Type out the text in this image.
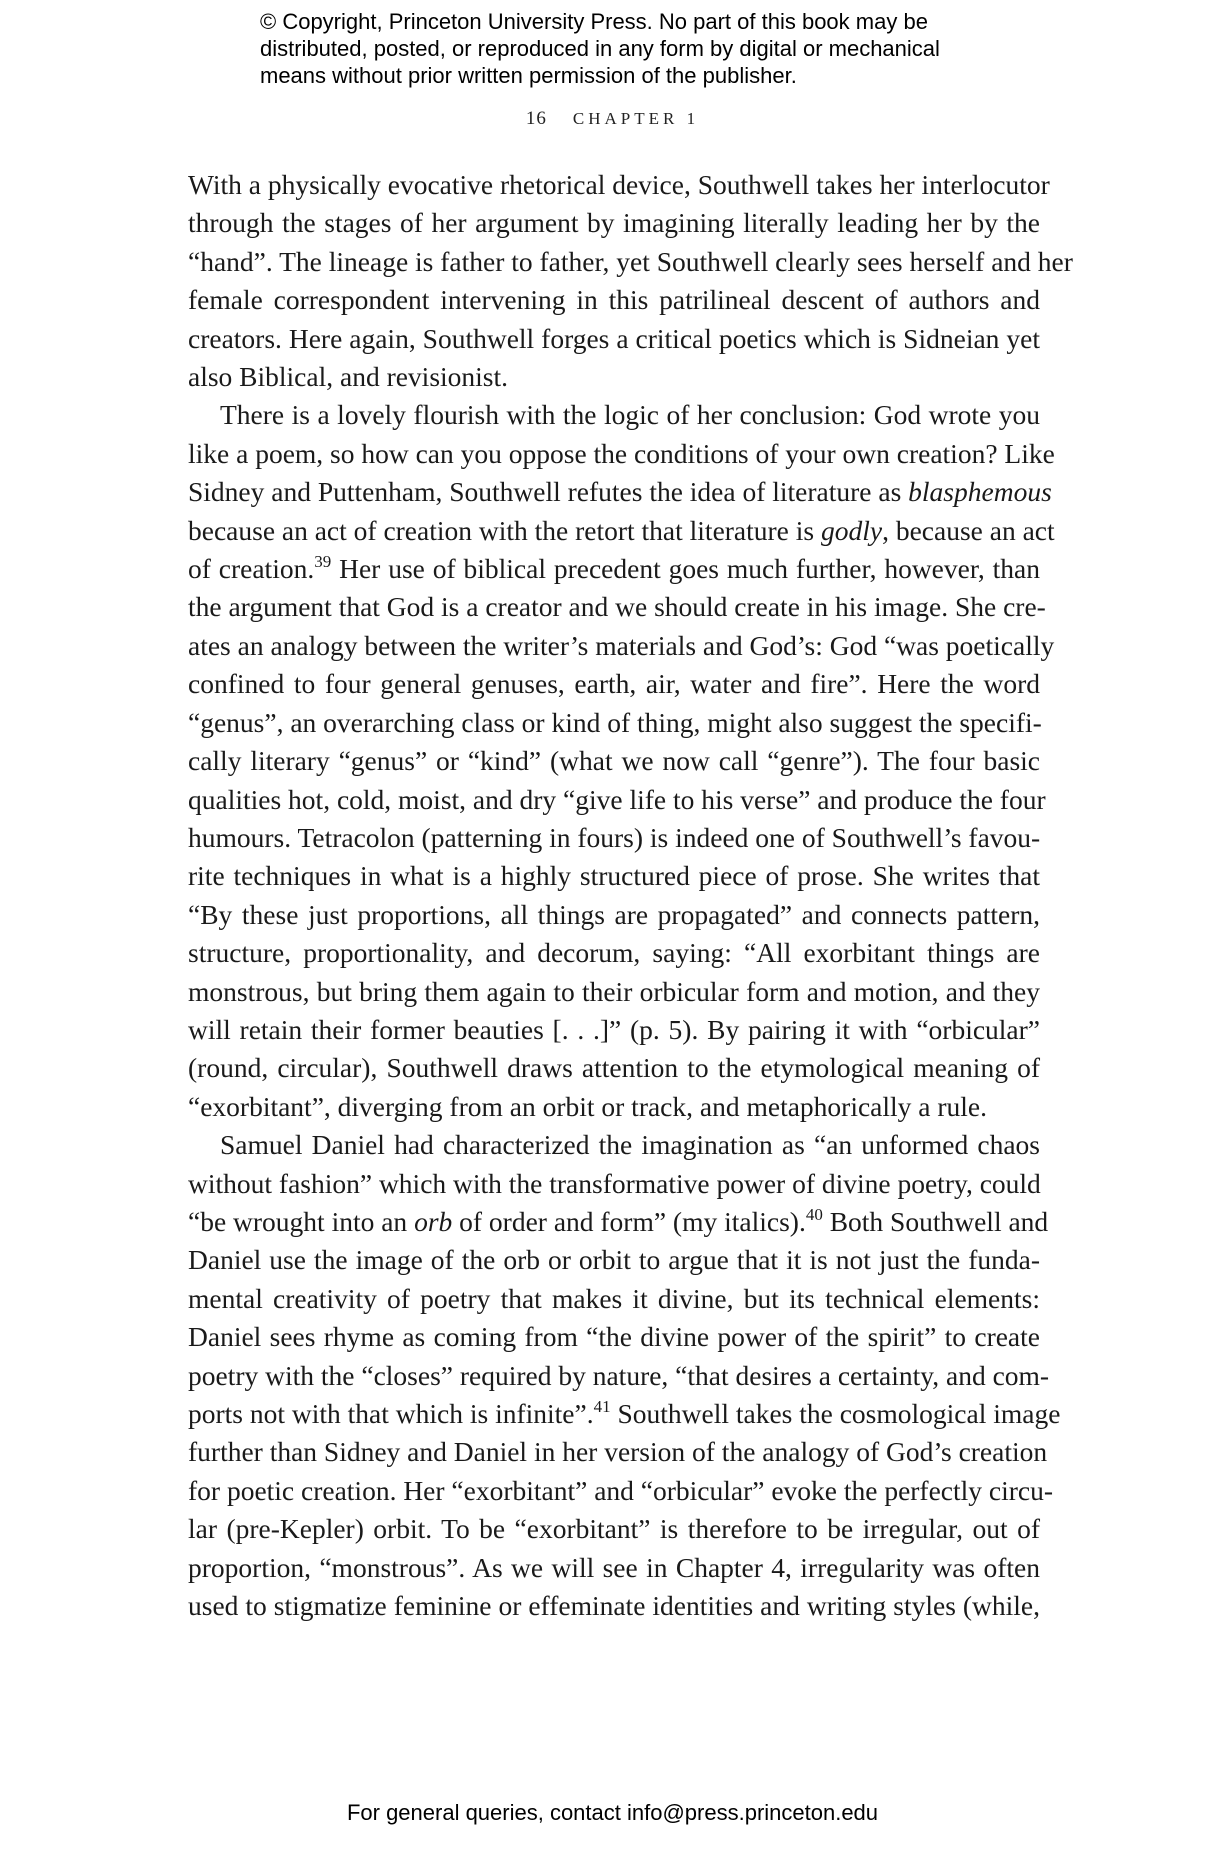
© Copyright, Princeton University Press. No part of this book may be
distributed, posted, or reproduced in any form by digital or mechanical
means without prior written permission of the publisher.
16 CHAPTER 1

With a physically evocative rhetorical device, Southwell takes her interlocutor
through the stages of her argument by imagining literally leading her by the
“hand”. The lineage is father to father, yet Southwell clearly sees herself and her
female correspondent intervening in this patrilineal descent of authors and
creators. Here again, Southwell forges a critical poetics which is Sidneian yet
also Biblical, and revisionist.

There is a lovely flourish with the logic of her conclusion: God wrote you
like a poem, so how can you oppose the conditions of your own creation? Like
Sidney and Puttenham, Southwell refutes the idea of literature as blasphemous
because an act of creation with the retort that literature is godly, because an act
of creation.$^{39}$ Her use of biblical precedent goes much further, however, than
the argument that God is a creator and we should create in his image. She cre-
ates an analogy between the writer’s materials and God’s: God “was poetically
confined to four general genuses, earth, air, water and fire”. Here the word
“genus”, an overarching class or kind of thing, might also suggest the specifi-
cally literary “genus” or “kind” (what we now call “genre”). The four basic
qualities hot, cold, moist, and dry “give life to his verse” and produce the four
humours. Tetracolon (patterning in fours) is indeed one of Southwell’s favou-
rite techniques in what is a highly structured piece of prose. She writes that
“By these just proportions, all things are propagated” and connects pattern,
structure, proportionality, and decorum, saying: “All exorbitant things are
monstrous, but bring them again to their orbicular form and motion, and they
will retain their former beauties [. . .]” (p. 5). By pairing it with “orbicular”
(round, circular), Southwell draws attention to the etymological meaning of
“exorbitant”, diverging from an orbit or track, and metaphorically a rule.

Samuel Daniel had characterized the imagination as “an unformed chaos
without fashion” which with the transformative power of divine poetry, could
“be wrought into an orb of order and form” (my italics).$^{40}$ Both Southwell and
Daniel use the image of the orb or orbit to argue that it is not just the funda-
mental creativity of poetry that makes it divine, but its technical elements:
Daniel sees rhyme as coming from “the divine power of the spirit” to create
poetry with the “closes” required by nature, “that desires a certainty, and com-
ports not with that which is infinite”.$^{41}$ Southwell takes the cosmological image
further than Sidney and Daniel in her version of the analogy of God’s creation
for poetic creation. Her “exorbitant” and “orbicular” evoke the perfectly circu-
lar (pre-Kepler) orbit. To be “exorbitant” is therefore to be irregular, out of
proportion, “monstrous”. As we will see in Chapter 4, irregularity was often
used to stigmatize feminine or effeminate identities and writing styles (while,

For general queries, contact info@press.princeton.edu
